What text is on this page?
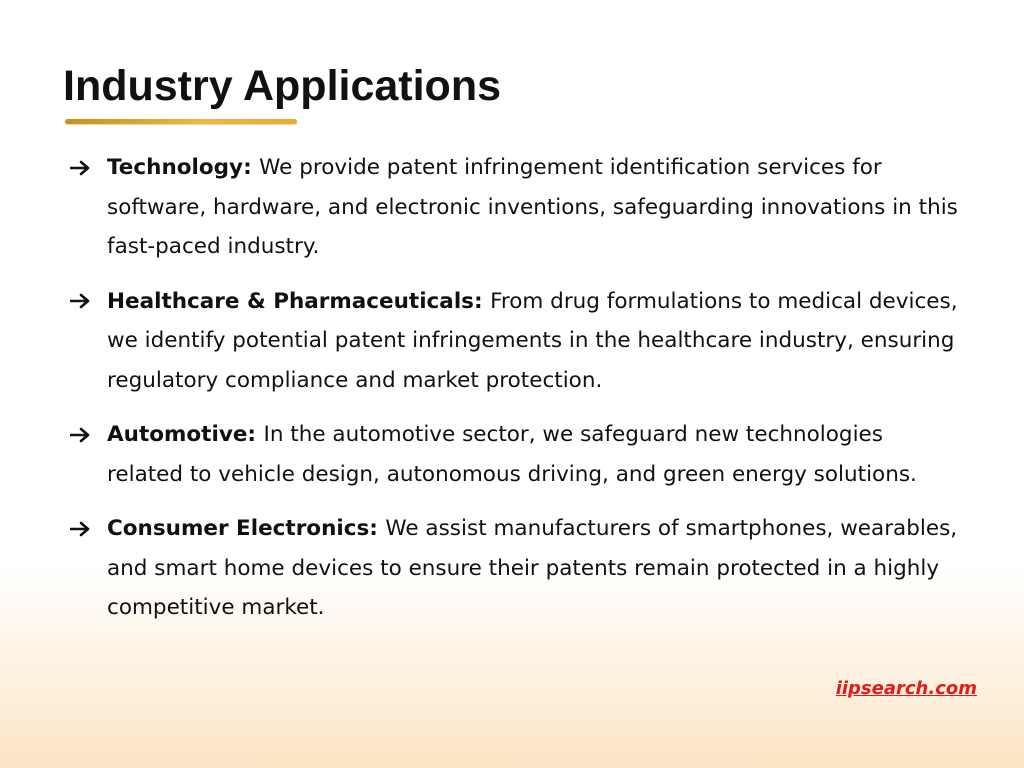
Industry Applications
Technology: We provide patent infringement identification services for software, hardware, and electronic inventions, safeguarding innovations in this fast-paced industry.
Healthcare & Pharmaceuticals: From drug formulations to medical devices, we identify potential patent infringements in the healthcare industry, ensuring regulatory compliance and market protection.
Automotive: In the automotive sector, we safeguard new technologies related to vehicle design, autonomous driving, and green energy solutions.
Consumer Electronics: We assist manufacturers of smartphones, wearables, and smart home devices to ensure their patents remain protected in a highly competitive market.
iipsearch.com
